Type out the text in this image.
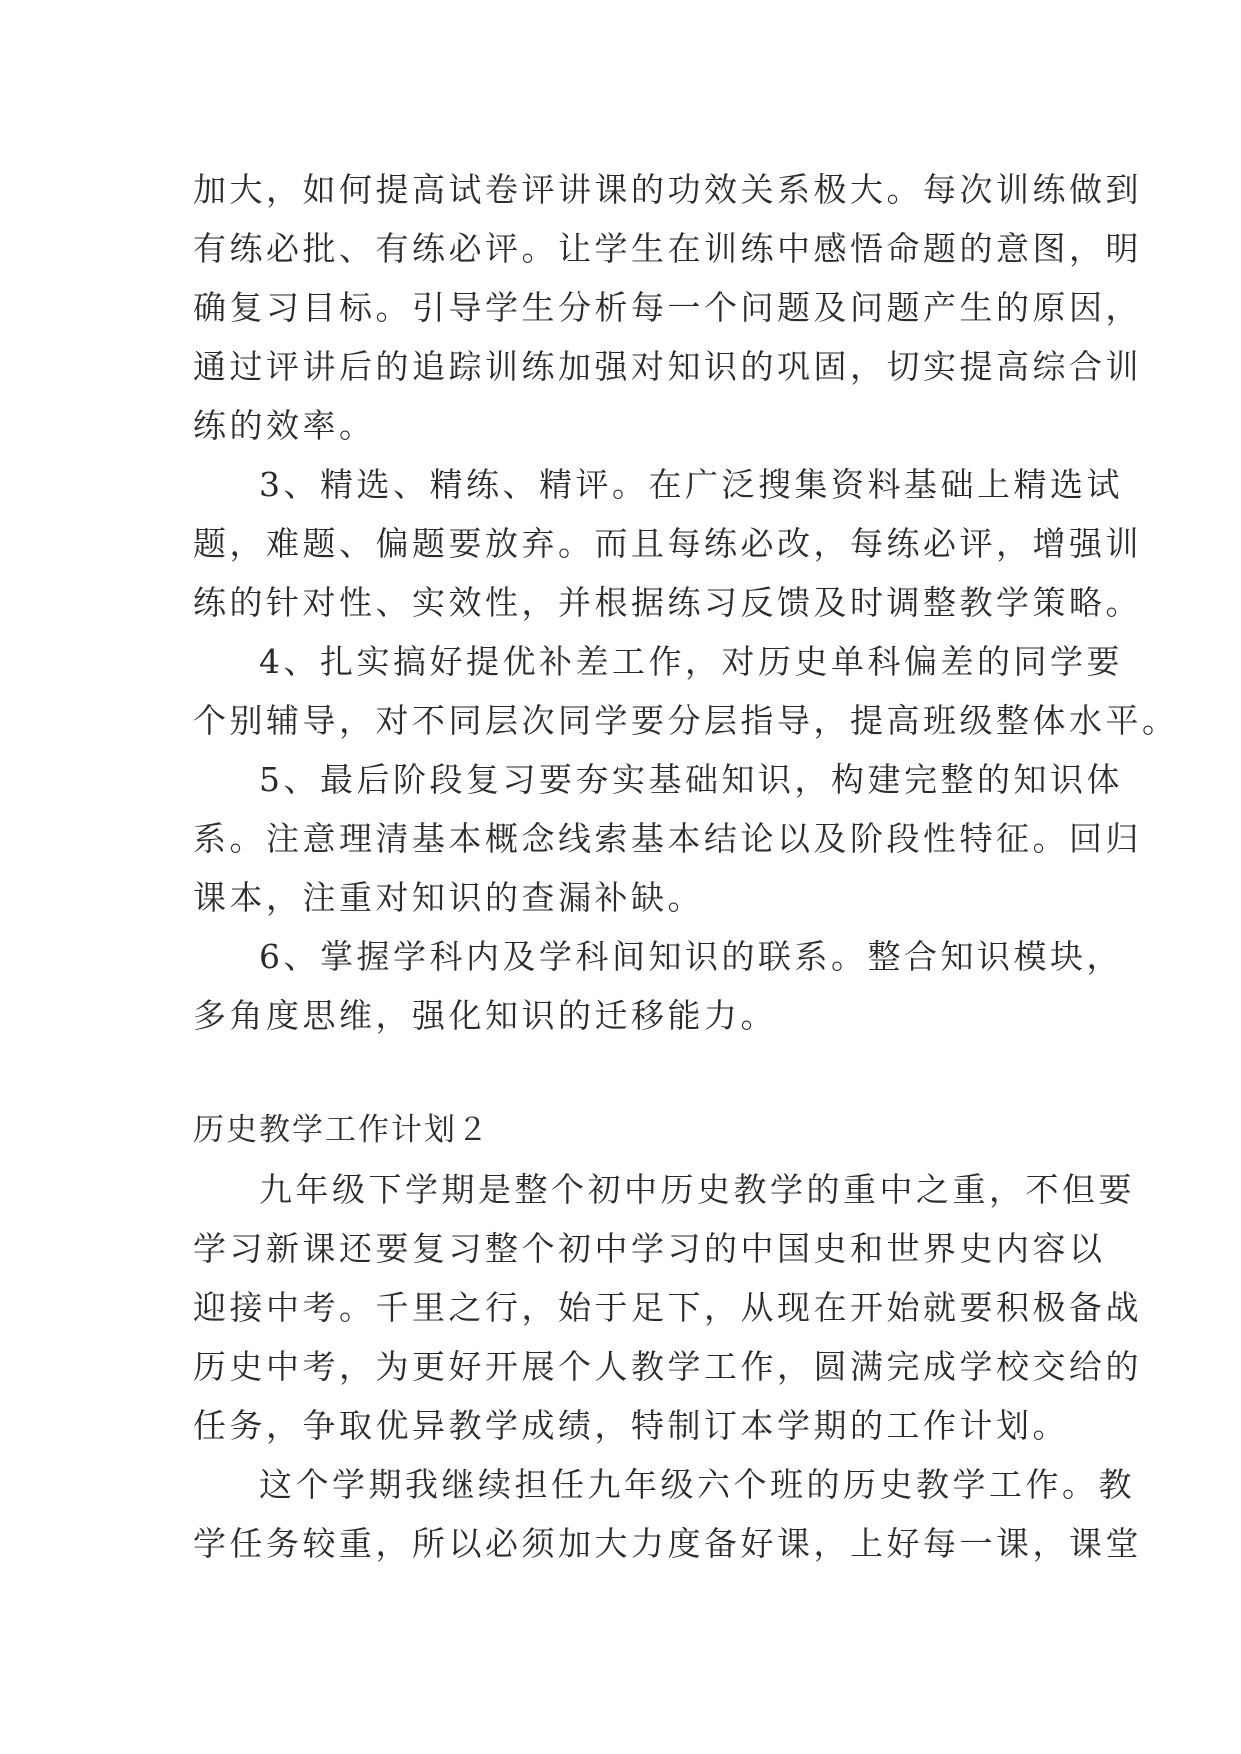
加大，如何提高试卷评讲课的功效关系极大。每次训练做到
有练必批、有练必评。让学生在训练中感悟命题的意图，明
确复习目标。引导学生分析每一个问题及问题产生的原因，
通过评讲后的追踪训练加强对知识的巩固，切实提高综合训
练的效率。
3、精选、精练、精评。在广泛搜集资料基础上精选试
题，难题、偏题要放弃。而且每练必改，每练必评，增强训
练的针对性、实效性，并根据练习反馈及时调整教学策略。
4、扎实搞好提优补差工作，对历史单科偏差的同学要
个别辅导，对不同层次同学要分层指导，提高班级整体水平。
5、最后阶段复习要夯实基础知识，构建完整的知识体
系。注意理清基本概念线索基本结论以及阶段性特征。回归
课本，注重对知识的查漏补缺。
6、掌握学科内及学科间知识的联系。整合知识模块，
多角度思维，强化知识的迁移能力。
历史教学工作计划２
九年级下学期是整个初中历史教学的重中之重，不但要
学习新课还要复习整个初中学习的中国史和世界史内容以
迎接中考。千里之行，始于足下，从现在开始就要积极备战
历史中考，为更好开展个人教学工作，圆满完成学校交给的
任务，争取优异教学成绩，特制订本学期的工作计划。
这个学期我继续担任九年级六个班的历史教学工作。教
学任务较重，所以必须加大力度备好课，上好每一课，课堂
